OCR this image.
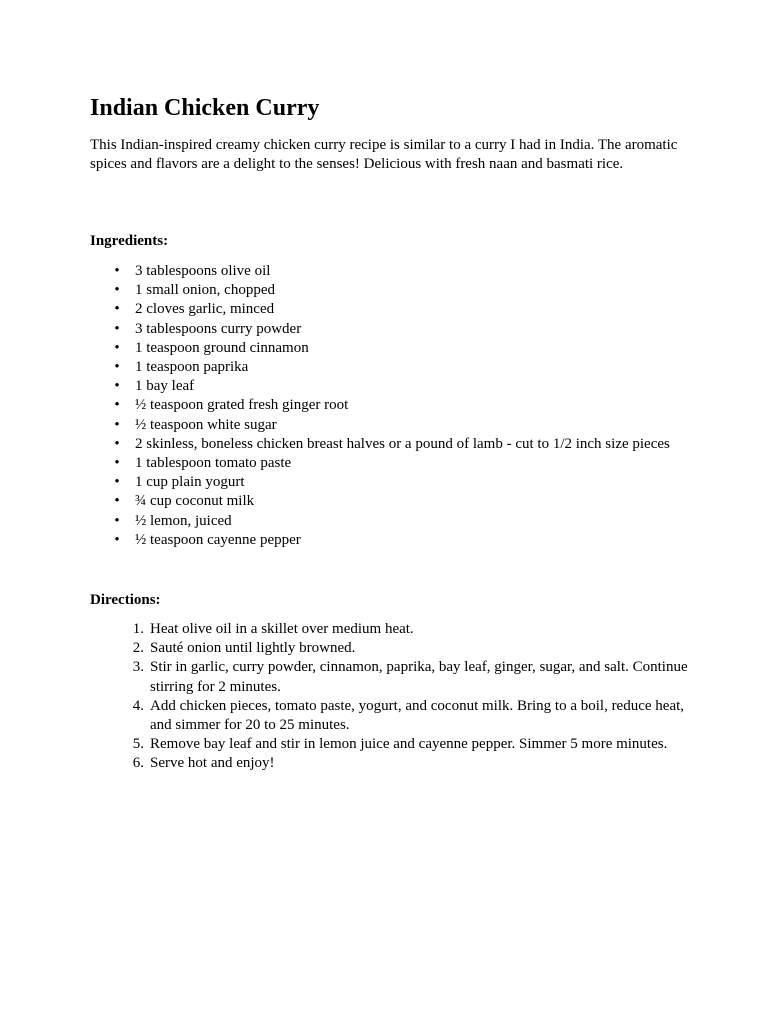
Indian Chicken Curry

This Indian-inspired creamy chicken curry recipe is similar to a curry I had in India. The aromatic spices and flavors are a delight to the senses! Delicious with fresh naan and basmati rice.

Ingredients:

•
3 tablespoons olive oil
•
1 small onion, chopped
•
2 cloves garlic, minced
•
3 tablespoons curry powder
•
1 teaspoon ground cinnamon
•
1 teaspoon paprika
•
1 bay leaf
•
½ teaspoon grated fresh ginger root
•
½ teaspoon white sugar
•
2 skinless, boneless chicken breast halves or a pound of lamb - cut to 1/2 inch size pieces
•
1 tablespoon tomato paste
•
1 cup plain yogurt
•
¾ cup coconut milk
•
½ lemon, juiced
•
½ teaspoon cayenne pepper

Directions:

1. Heat olive oil in a skillet over medium heat.
2. Sauté onion until lightly browned.
3. Stir in garlic, curry powder, cinnamon, paprika, bay leaf, ginger, sugar, and salt. Continue stirring for 2 minutes.
4. Add chicken pieces, tomato paste, yogurt, and coconut milk. Bring to a boil, reduce heat, and simmer for 20 to 25 minutes.
5. Remove bay leaf and stir in lemon juice and cayenne pepper. Simmer 5 more minutes.
6. Serve hot and enjoy!
